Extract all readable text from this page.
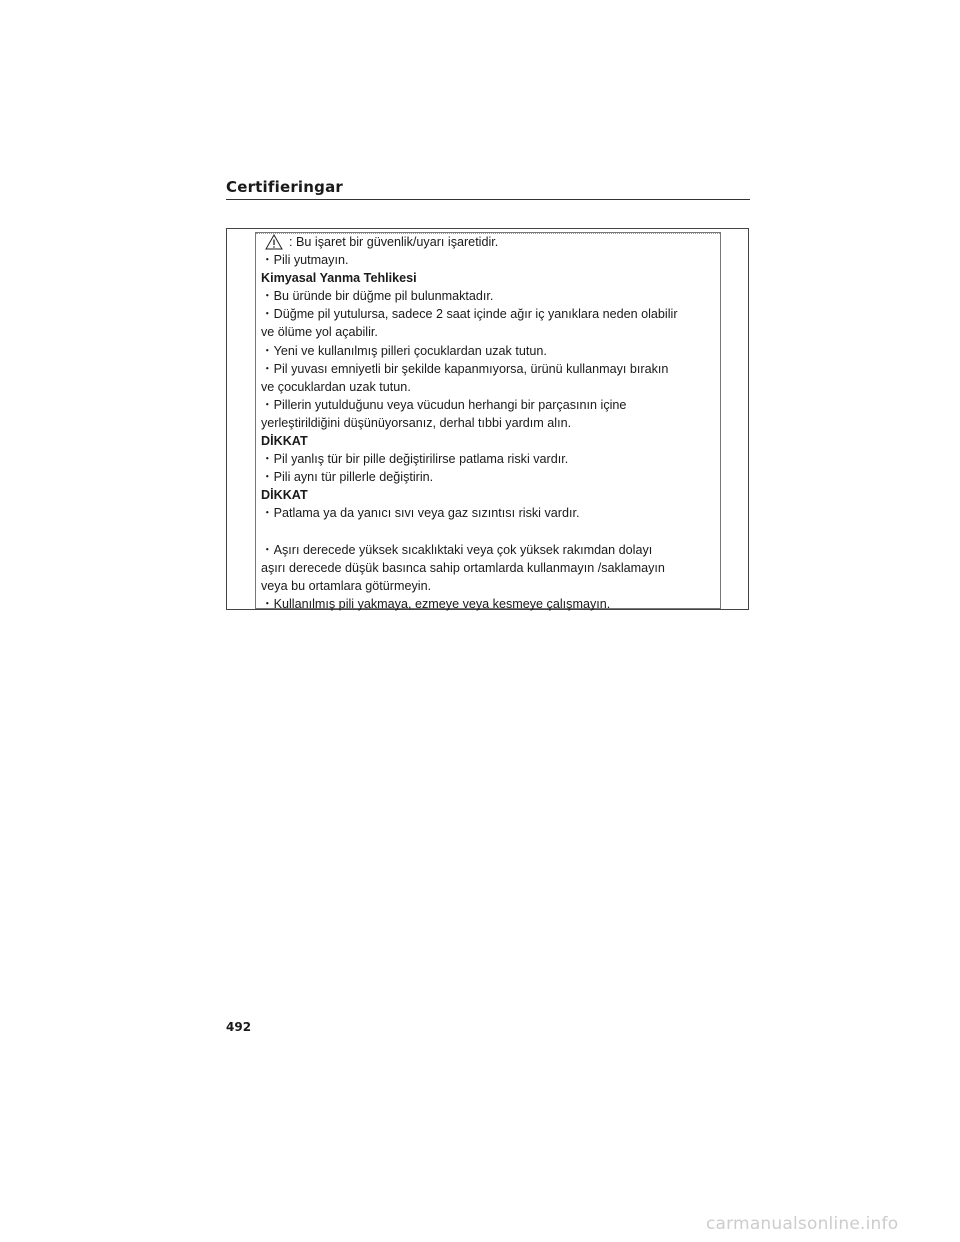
Certifieringar
: Bu işaret bir güvenlik/uyarı işaretidir.
・Pili yutmayın.
Kimyasal Yanma Tehlikesi
・Bu üründe bir düğme pil bulunmaktadır.
・Düğme pil yutulursa, sadece 2 saat içinde ağır iç yanıklara neden olabilir
ve ölüme yol açabilir.
・Yeni ve kullanılmış pilleri çocuklardan uzak tutun.
・Pil yuvası emniyetli bir şekilde kapanmıyorsa, ürünü kullanmayı bırakın
ve çocuklardan uzak tutun.
・Pillerin yutulduğunu veya vücudun herhangi bir parçasının içine
yerleştirildiğini düşünüyorsanız, derhal tıbbi yardım alın.
DİKKAT
・Pil yanlış tür bir pille değiştirilirse patlama riski vardır.
・Pili aynı tür pillerle değiştirin.
DİKKAT
・Patlama ya da yanıcı sıvı veya gaz sızıntısı riski vardır.
・Aşırı derecede yüksek sıcaklıktaki veya çok yüksek rakımdan dolayı
aşırı derecede düşük basınca sahip ortamlarda kullanmayın /saklamayın
veya bu ortamlara götürmeyin.
・Kullanılmış pili yakmaya, ezmeye veya kesmeye çalışmayın.
492
carmanualsonline.info
